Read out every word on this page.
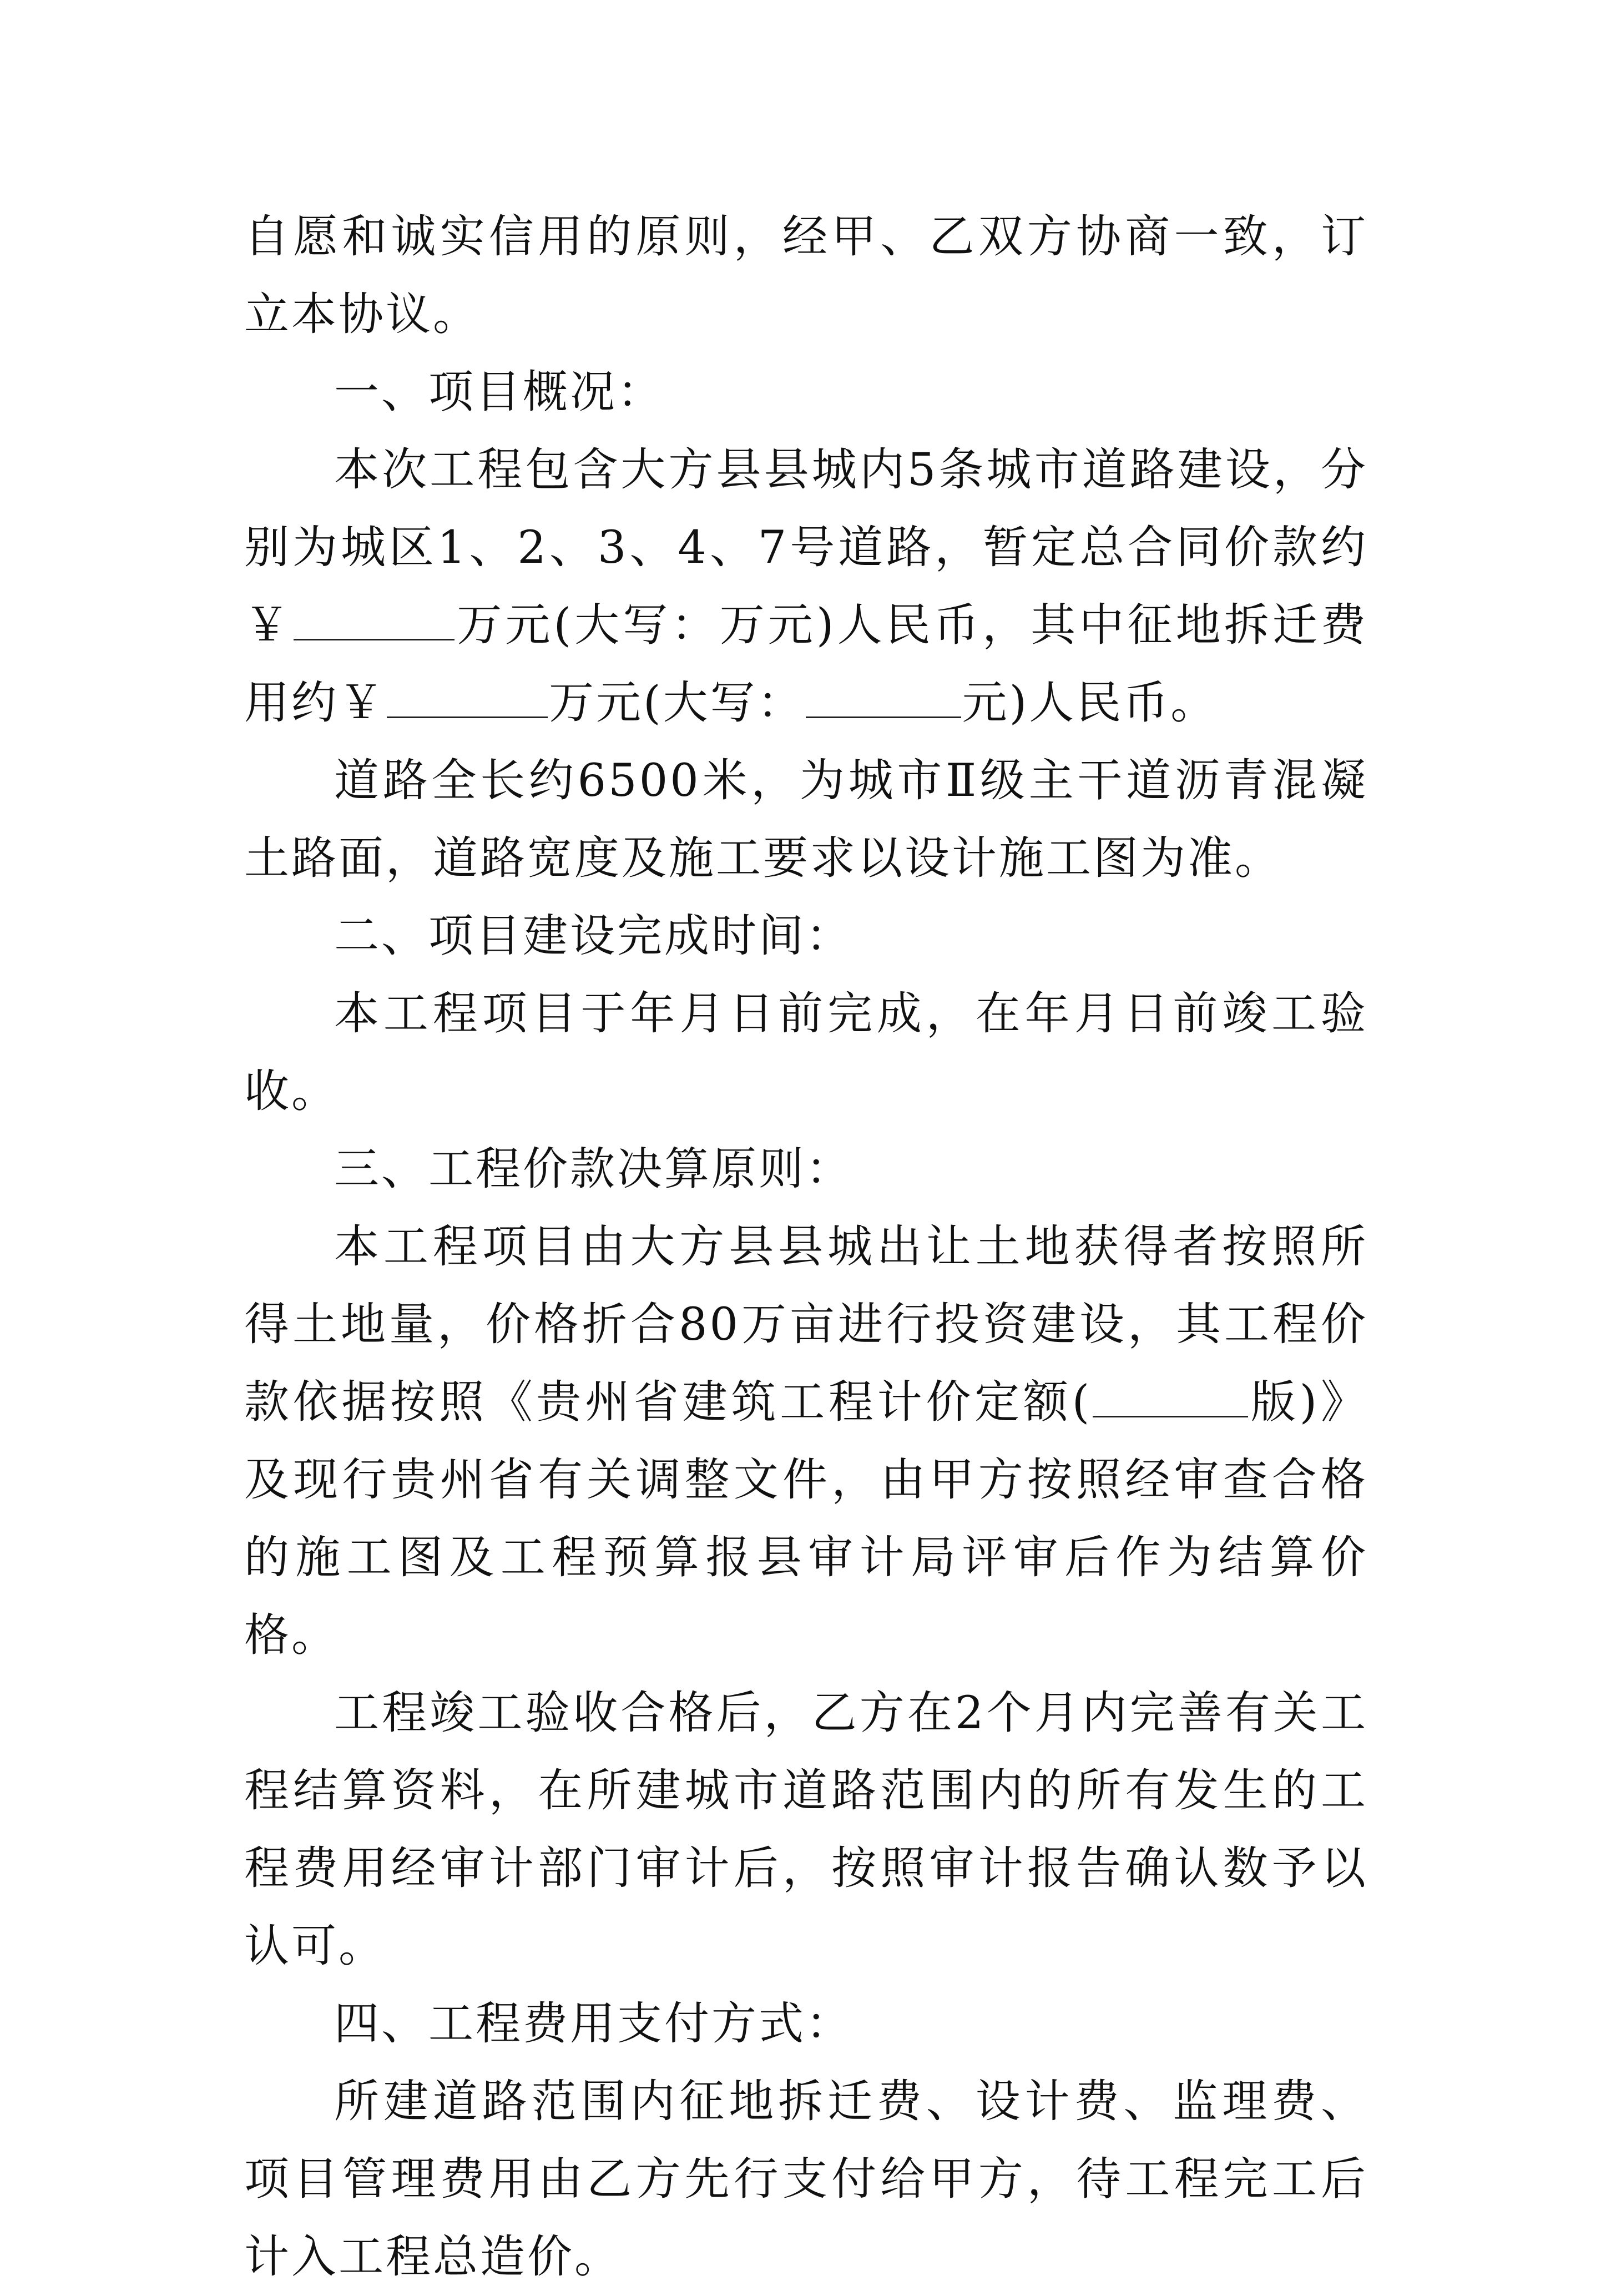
自愿和诚实信用的原则，经甲、乙双方协商一致，订立本协议。

一、项目概况：

本次工程包含大方县县城内5条城市道路建设，分别为城区1、2、3、4、7号道路，暂定总合同价款约￥	万元(大写：万元)人民币，其中征地拆迁费用约￥	万元(大写：	元)人民币。

道路全长约6500米，为城市Ⅱ级主干道沥青混凝土路面，道路宽度及施工要求以设计施工图为准。

二、项目建设完成时间：

本工程项目于年月日前完成，在年月日前竣工验收。

三、工程价款决算原则：

本工程项目由大方县县城出让土地获得者按照所得土地量，价格折合80万亩进行投资建设，其工程价款依据按照《贵州省建筑工程计价定额(	版)》及现行贵州省有关调整文件，由甲方按照经审查合格的施工图及工程预算报县审计局评审后作为结算价格。

工程竣工验收合格后，乙方在2个月内完善有关工程结算资料，在所建城市道路范围内的所有发生的工程费用经审计部门审计后，按照审计报告确认数予以认可。

四、工程费用支付方式：

所建道路范围内征地拆迁费、设计费、监理费、项目管理费用由乙方先行支付给甲方，待工程完工后计入工程总造价。
